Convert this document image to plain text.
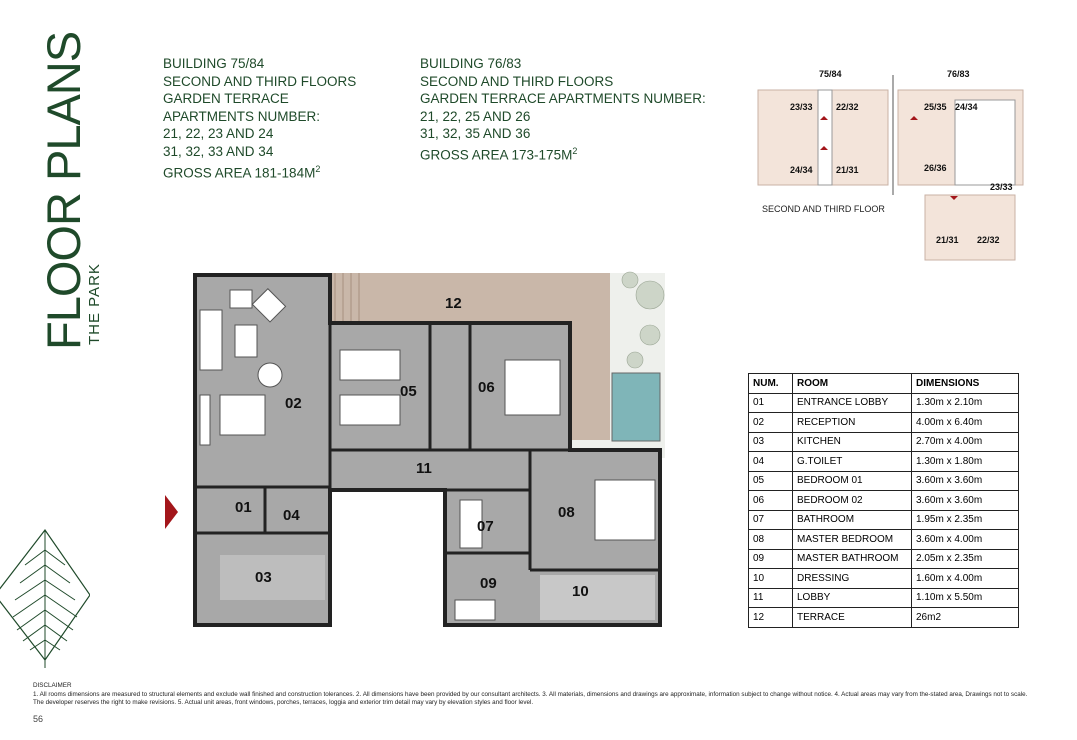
FLOOR PLANS
THE PARK
BUILDING 75/84
SECOND AND THIRD FLOORS
GARDEN TERRACE
APARTMENTS NUMBER:
21, 22, 23 AND 24
31, 32, 33 AND 34
GROSS AREA $181-184M^2$
BUILDING 76/83
SECOND AND THIRD FLOORS
GARDEN TERRACE APARTMENTS NUMBER:
21, 22, 25 AND 26
31, 32, 35 AND 36
GROSS AREA $173-175M^2$
75/84	76/83
23/33	22/32
24/34	21/31
25/35 24/34
26/36
23/33
21/31 22/32
SECOND AND THIRD FLOOR
01
02
03
04
05	06
07
08
09	10
11
12
NUM.	ROOM	DIMENSIONS
01	ENTRANCE LOBBY	1.30m x 2.10m
02	RECEPTION	4.00m x 6.40m
03	KITCHEN	2.70m x 4.00m
04	G.TOILET	1.30m x 1.80m
05	BEDROOM 01	3.60m x 3.60m
06	BEDROOM 02	3.60m x 3.60m
07	BATHROOM	1.95m x 2.35m
08	MASTER BEDROOM	3.60m x 4.00m
09	MASTER BATHROOM	2.05m x 2.35m
10	DRESSING	1.60m x 4.00m
11	LOBBY	1.10m x 5.50m
12	TERRACE	26m2
DISCLAIMER
1. All rooms dimensions are measured to structural elements and exclude wall finished and construction tolerances. 2. All dimensions have been provided by our consultant architects. 3. All materials, dimensions and drawings are approximate, information subject to change without notice. 4. Actual areas may vary from the-stated area, Drawings not to scale. The developer reserves the right to make revisions. 5. Actual unit areas, front windows, porches, terraces, loggia and exterior trim detail may vary by elevation styles and floor level.
56
